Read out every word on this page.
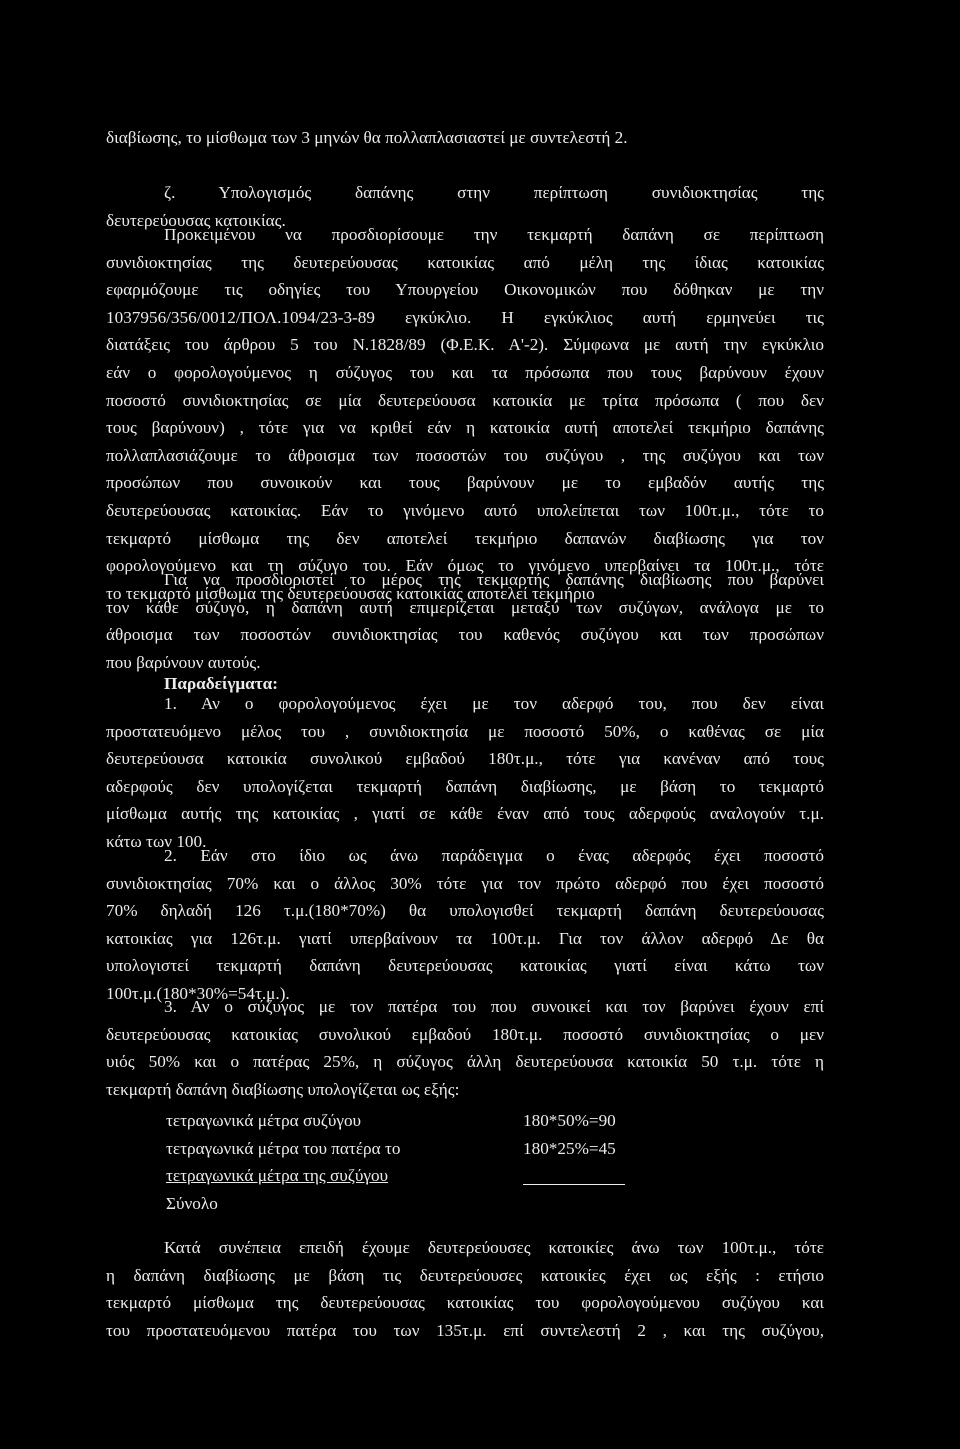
διαβίωσης, το μίσθωμα των 3 μηνών θα πολλαπλασιαστεί με συντελεστή 2.

ζ. Υπολογισμός δαπάνης στην περίπτωση συνιδιοκτησίας της
δευτερεύουσας κατοικίας.
Προκειμένου να προσδιορίσουμε την τεκμαρτή δαπάνη σε περίπτωση
συνιδιοκτησίας της δευτερεύουσας κατοικίας από μέλη της ίδιας κατοικίας
εφαρμόζουμε τις οδηγίες του Υπουργείου Οικονομικών που δόθηκαν με την
1037956/356/0012/ΠΟΛ.1094/23-3-89 εγκύκλιο. Η εγκύκλιος αυτή ερμηνεύει τις
διατάξεις του άρθρου 5 του Ν.1828/89 (Φ.Ε.Κ. Α'-2). Σύμφωνα με αυτή την εγκύκλιο
εάν ο φορολογούμενος η σύζυγος του και τα πρόσωπα που τους βαρύνουν έχουν
ποσοστό συνιδιοκτησίας σε μία δευτερεύουσα κατοικία με τρίτα πρόσωπα ( που δεν
τους βαρύνουν) , τότε για να κριθεί εάν η κατοικία αυτή αποτελεί τεκμήριο δαπάνης
πολλαπλασιάζουμε το άθροισμα των ποσοστών του συζύγου , της συζύγου και των
προσώπων που συνοικούν και τους βαρύνουν με το εμβαδόν αυτής της
δευτερεύουσας κατοικίας. Εάν το γινόμενο αυτό υπολείπεται των 100τ.μ., τότε το
τεκμαρτό μίσθωμα της δεν αποτελεί τεκμήριο δαπανών διαβίωσης για τον
φορολογούμενο και τη σύζυγο του. Εάν όμως το γινόμενο υπερβαίνει τα 100τ.μ., τότε
το τεκμαρτό μίσθωμα της δευτερεύουσας κατοικίας αποτελεί τεκμήριο
Για να προσδιοριστεί το μέρος της τεκμαρτής δαπάνης διαβίωσης που βαρύνει
τον κάθε σύζυγο, η δαπάνη αυτή επιμερίζεται μεταξύ των συζύγων, ανάλογα με το
άθροισμα των ποσοστών συνιδιοκτησίας του καθενός συζύγου και των προσώπων
που βαρύνουν αυτούς.
Παραδείγματα:
1. Αν ο φορολογούμενος έχει με τον αδερφό του, που δεν είναι
προστατευόμενο μέλος του , συνιδιοκτησία με ποσοστό 50%, ο καθένας σε μία
δευτερεύουσα κατοικία συνολικού εμβαδού 180τ.μ., τότε για κανέναν από τους
αδερφούς δεν υπολογίζεται τεκμαρτή δαπάνη διαβίωσης, με βάση το τεκμαρτό
μίσθωμα αυτής της κατοικίας , γιατί σε κάθε έναν από τους αδερφούς αναλογούν τ.μ.
κάτω των 100.
2. Εάν στο ίδιο ως άνω παράδειγμα ο ένας αδερφός έχει ποσοστό
συνιδιοκτησίας 70% και ο άλλος 30% τότε για τον πρώτο αδερφό που έχει ποσοστό
70% δηλαδή 126 τ.μ.(180*70%) θα υπολογισθεί τεκμαρτή δαπάνη δευτερεύουσας
κατοικίας για 126τ.μ. γιατί υπερβαίνουν τα 100τ.μ. Για τον άλλον αδερφό Δε θα
υπολογιστεί τεκμαρτή δαπάνη δευτερεύουσας κατοικίας γιατί είναι κάτω των
100τ.μ.(180*30%=54τ.μ.).
3. Αν ο σύζυγος με τον πατέρα του που συνοικεί και τον βαρύνει έχουν επί
δευτερεύουσας κατοικίας συνολικού εμβαδού 180τ.μ. ποσοστό συνιδιοκτησίας ο μεν
υιός 50% και ο πατέρας 25%, η σύζυγος άλλη δευτερεύουσα κατοικία 50 τ.μ. τότε η
τεκμαρτή δαπάνη διαβίωσης υπολογίζεται ως εξής:
τετραγωνικά μέτρα συζύγου	180*50%=90
τετραγωνικά μέτρα του πατέρα το	180*25%=45
τετραγωνικά μέτρα της συζύγου
Σύνολο
Κατά συνέπεια επειδή έχουμε δευτερεύουσες κατοικίες άνω των 100τ.μ., τότε
η δαπάνη διαβίωσης με βάση τις δευτερεύουσες κατοικίες έχει ως εξής : ετήσιο
τεκμαρτό μίσθωμα της δευτερεύουσας κατοικίας του φορολογούμενου συζύγου και
του προστατευόμενου πατέρα του των 135τ.μ. επί συντελεστή 2 , και της συζύγου,
